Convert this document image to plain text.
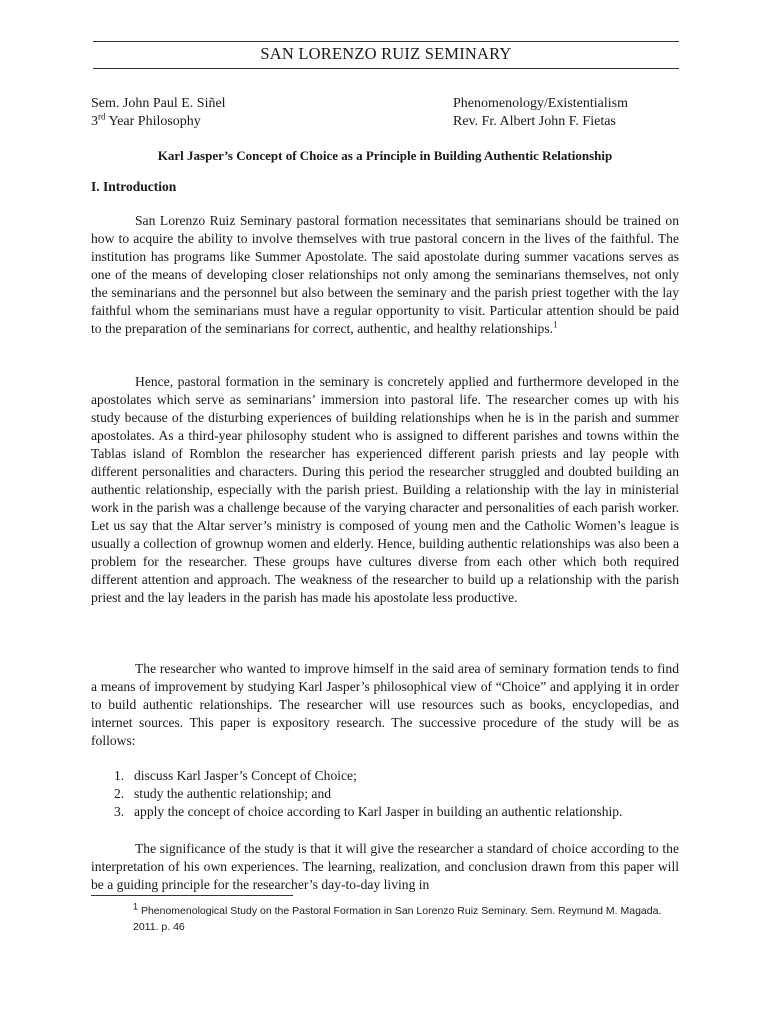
SAN LORENZO RUIZ SEMINARY
Sem. John Paul E. Siñel
3rd Year Philosophy
Phenomenology/Existentialism
Rev. Fr. Albert John F. Fietas
Karl Jasper’s Concept of Choice as a Principle in Building Authentic Relationship
I. Introduction

San Lorenzo Ruiz Seminary pastoral formation necessitates that seminarians should be trained on how to acquire the ability to involve themselves with true pastoral concern in the lives of the faithful. The institution has programs like Summer Apostolate. The said apostolate during summer vacations serves as one of the means of developing closer relationships not only among the seminarians themselves, not only the seminarians and the personnel but also between the seminary and the parish priest together with the lay faithful whom the seminarians must have a regular opportunity to visit. Particular attention should be paid to the preparation of the seminarians for correct, authentic, and healthy relationships.$^1$

Hence, pastoral formation in the seminary is concretely applied and furthermore developed in the apostolates which serve as seminarians’ immersion into pastoral life. The researcher comes up with his study because of the disturbing experiences of building relationships when he is in the parish and summer apostolates. As a third-year philosophy student who is assigned to different parishes and towns within the Tablas island of Romblon the researcher has experienced different parish priests and lay people with different personalities and characters. During this period the researcher struggled and doubted building an authentic relationship, especially with the parish priest. Building a relationship with the lay in ministerial work in the parish was a challenge because of the varying character and personalities of each parish worker. Let us say that the Altar server’s ministry is composed of young men and the Catholic Women’s league is usually a collection of grownup women and elderly. Hence, building authentic relationships was also been a problem for the researcher. These groups have cultures diverse from each other which both required different attention and approach. The weakness of the researcher to build up a relationship with the parish priest and the lay leaders in the parish has made his apostolate less productive.

The researcher who wanted to improve himself in the said area of seminary formation tends to find a means of improvement by studying Karl Jasper’s philosophical view of “Choice” and applying it in order to build authentic relationships. The researcher will use resources such as books, encyclopedias, and internet sources. This paper is expository research. The successive procedure of the study will be as follows:

1. discuss Karl Jasper’s Concept of Choice;
2. study the authentic relationship; and
3. apply the concept of choice according to Karl Jasper in building an authentic relationship.

The significance of the study is that it will give the researcher a standard of choice according to the interpretation of his own experiences. The learning, realization, and conclusion drawn from this paper will be a guiding principle for the researcher’s day-to-day living in

$^1$ Phenomenological Study on the Pastoral Formation in San Lorenzo Ruiz Seminary. Sem. Reymund M. Magada. 2011. p. 46
